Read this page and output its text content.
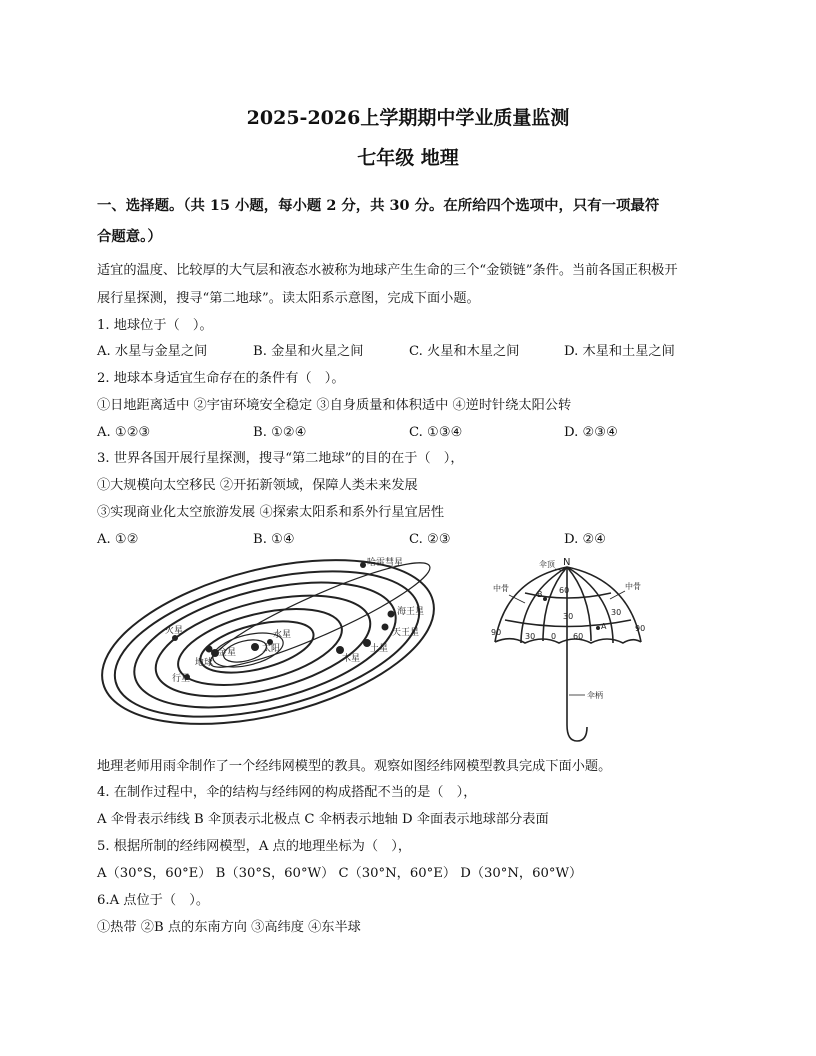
2025-2026上学期期中学业质量监测
七年级 地理
一、选择题。（共 15 小题，每小题 2 分，共 30 分。在所给四个选项中，只有一项最符
合题意。）
适宜的温度、比较厚的大气层和液态水被称为地球产生生命的三个“金锁链”条件。当前各国正积极开
展行星探测，搜寻“第二地球”。读太阳系示意图，完成下面小题。
1. 地球位于（　）。
A. 水星与金星之间	B. 金星和火星之间	C. 火星和木星之间	D. 木星和土星之间
2. 地球本身适宜生命存在的条件有（　）。
①日地距离适中 ②宇宙环境安全稳定 ③自身质量和体积适中 ④逆时针绕太阳公转
A. ①②③	B. ①②④	C. ①③④	D. ②③④
3. 世界各国开展行星探测，搜寻“第二地球”的目的在于（　），
①大规模向太空移民 ②开拓新领域，保障人类未来发展
③实现商业化太空旅游发展 ④探索太阳系和系外行星宜居性
A. ①②	B. ①④	C. ②③	D. ②④
哈雷彗星
海王星
天王星
土星
木星
水星
太阳
金星
地球
火星
行星
N
伞顶
中骨	中骨
伞柄
A
B 60
30
0
30	60
90	90
30
地理老师用雨伞制作了一个经纬网模型的教具。观察如图经纬网模型教具完成下面小题。
4. 在制作过程中，伞的结构与经纬网的构成搭配不当的是（　），
A 伞骨表示纬线 B 伞顶表示北极点 C 伞柄表示地轴 D 伞面表示地球部分表面
5. 根据所制的经纬网模型，A 点的地理坐标为（　），
A（30°S，60°E） B（30°S，60°W） C（30°N，60°E） D（30°N，60°W）
6.A 点位于（　）。
①热带 ②B 点的东南方向 ③高纬度 ④东半球
